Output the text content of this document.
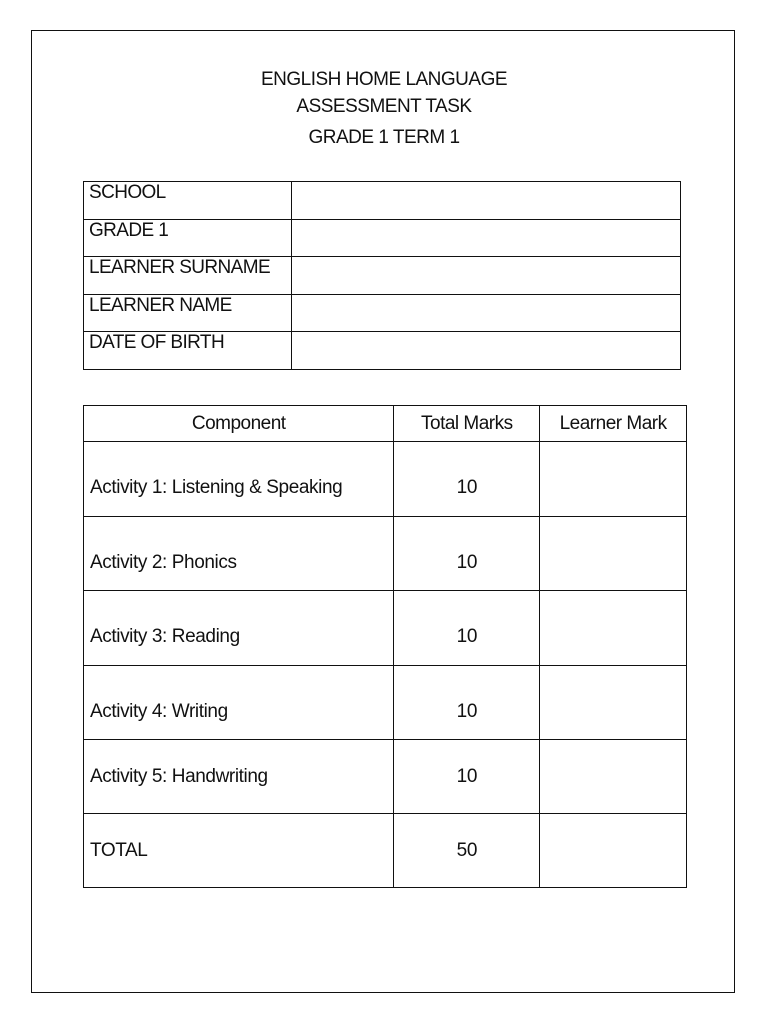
ENGLISH HOME LANGUAGE
ASSESSMENT TASK
GRADE 1 TERM 1
SCHOOL	
GRADE 1	
LEARNER SURNAME	
LEARNER NAME	
DATE OF BIRTH	
Component	Total Marks	Learner Mark
Activity 1: Listening & Speaking	10	
Activity 2: Phonics	10	
Activity 3: Reading	10	
Activity 4: Writing	10	
Activity 5: Handwriting	10	
TOTAL	50	
